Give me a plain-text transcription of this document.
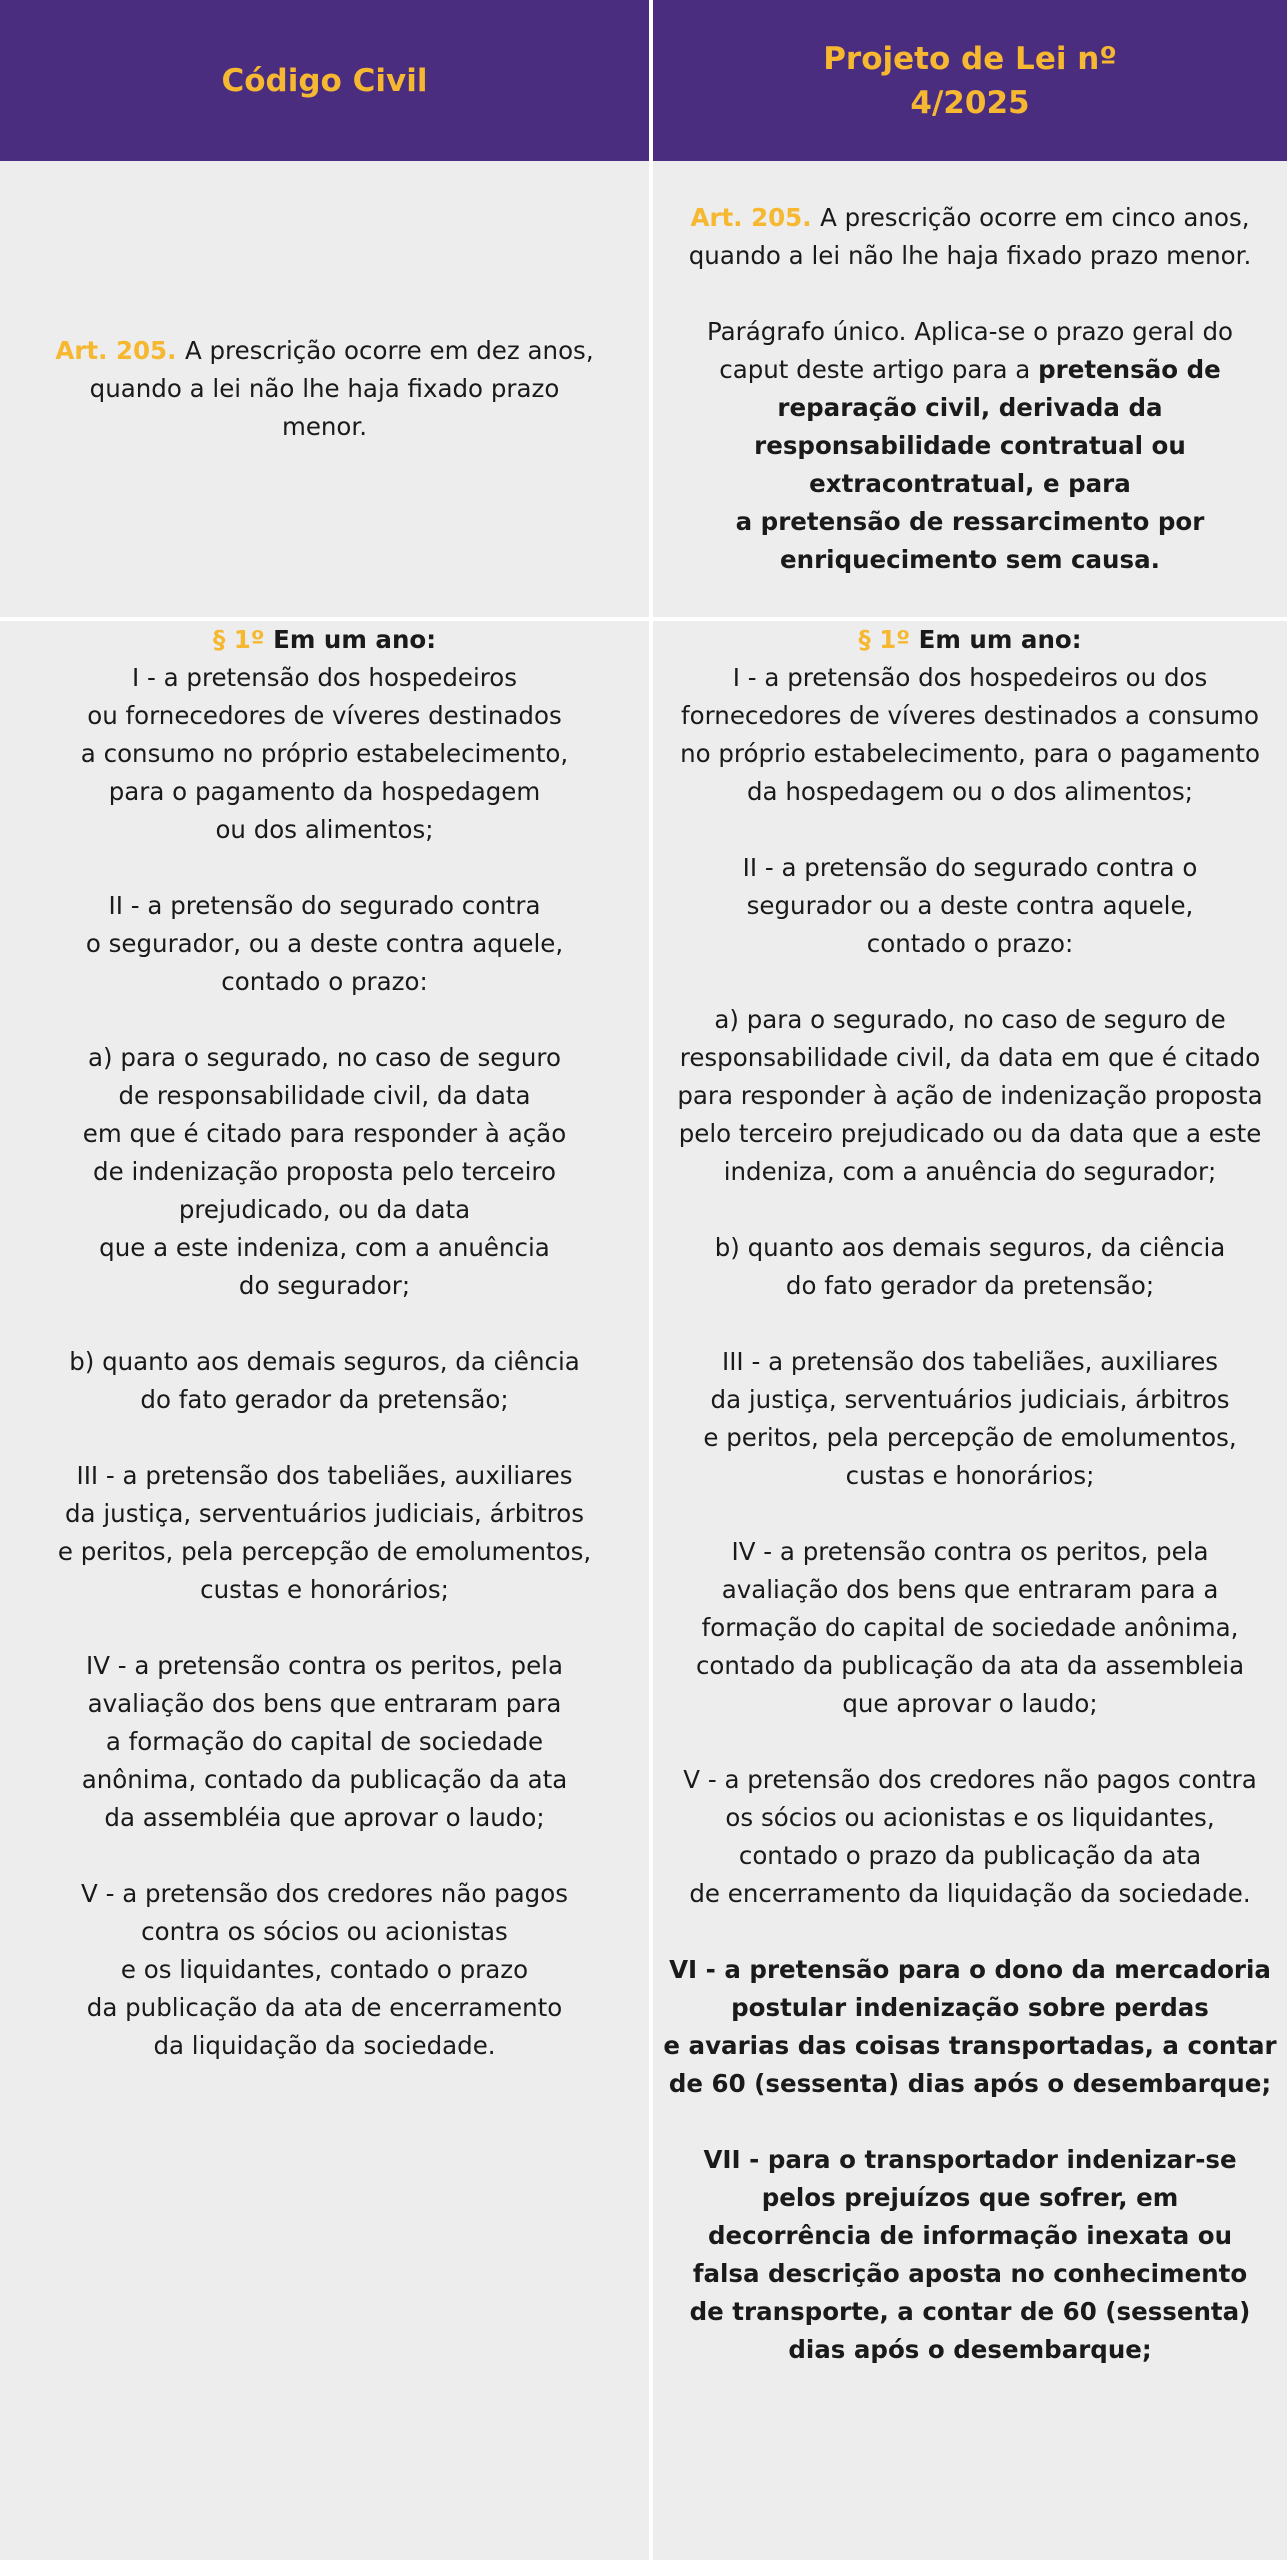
Código Civil
Projeto de Lei nº
4/2025
Art. 205. A prescrição ocorre em dez anos,
quando a lei não lhe haja fixado prazo
menor.
Art. 205. A prescrição ocorre em cinco anos,
quando a lei não lhe haja fixado prazo menor.
Parágrafo único. Aplica-se o prazo geral do
caput deste artigo para a pretensão de
reparação civil, derivada da
responsabilidade contratual ou
extracontratual, e para
a pretensão de ressarcimento por
enriquecimento sem causa.
§ 1º Em um ano:
I - a pretensão dos hospedeiros
ou fornecedores de víveres destinados
a consumo no próprio estabelecimento,
para o pagamento da hospedagem
ou dos alimentos;
II - a pretensão do segurado contra
o segurador, ou a deste contra aquele,
contado o prazo:
a) para o segurado, no caso de seguro
de responsabilidade civil, da data
em que é citado para responder à ação
de indenização proposta pelo terceiro
prejudicado, ou da data
que a este indeniza, com a anuência
do segurador;
b) quanto aos demais seguros, da ciência
do fato gerador da pretensão;
III - a pretensão dos tabeliães, auxiliares
da justiça, serventuários judiciais, árbitros
e peritos, pela percepção de emolumentos,
custas e honorários;
IV - a pretensão contra os peritos, pela
avaliação dos bens que entraram para
a formação do capital de sociedade
anônima, contado da publicação da ata
da assembléia que aprovar o laudo;
V - a pretensão dos credores não pagos
contra os sócios ou acionistas
e os liquidantes, contado o prazo
da publicação da ata de encerramento
da liquidação da sociedade.
§ 1º Em um ano:
I - a pretensão dos hospedeiros ou dos
fornecedores de víveres destinados a consumo
no próprio estabelecimento, para o pagamento
da hospedagem ou o dos alimentos;
II - a pretensão do segurado contra o
segurador ou a deste contra aquele,
contado o prazo:
a) para o segurado, no caso de seguro de
responsabilidade civil, da data em que é citado
para responder à ação de indenização proposta
pelo terceiro prejudicado ou da data que a este
indeniza, com a anuência do segurador;
b) quanto aos demais seguros, da ciência
do fato gerador da pretensão;
III - a pretensão dos tabeliães, auxiliares
da justiça, serventuários judiciais, árbitros
e peritos, pela percepção de emolumentos,
custas e honorários;
IV - a pretensão contra os peritos, pela
avaliação dos bens que entraram para a
formação do capital de sociedade anônima,
contado da publicação da ata da assembleia
que aprovar o laudo;
V - a pretensão dos credores não pagos contra
os sócios ou acionistas e os liquidantes,
contado o prazo da publicação da ata
de encerramento da liquidação da sociedade.
VI - a pretensão para o dono da mercadoria
postular indenização sobre perdas
e avarias das coisas transportadas, a contar
de 60 (sessenta) dias após o desembarque;
VII - para o transportador indenizar-se
pelos prejuízos que sofrer, em
decorrência de informação inexata ou
falsa descrição aposta no conhecimento
de transporte, a contar de 60 (sessenta)
dias após o desembarque;
